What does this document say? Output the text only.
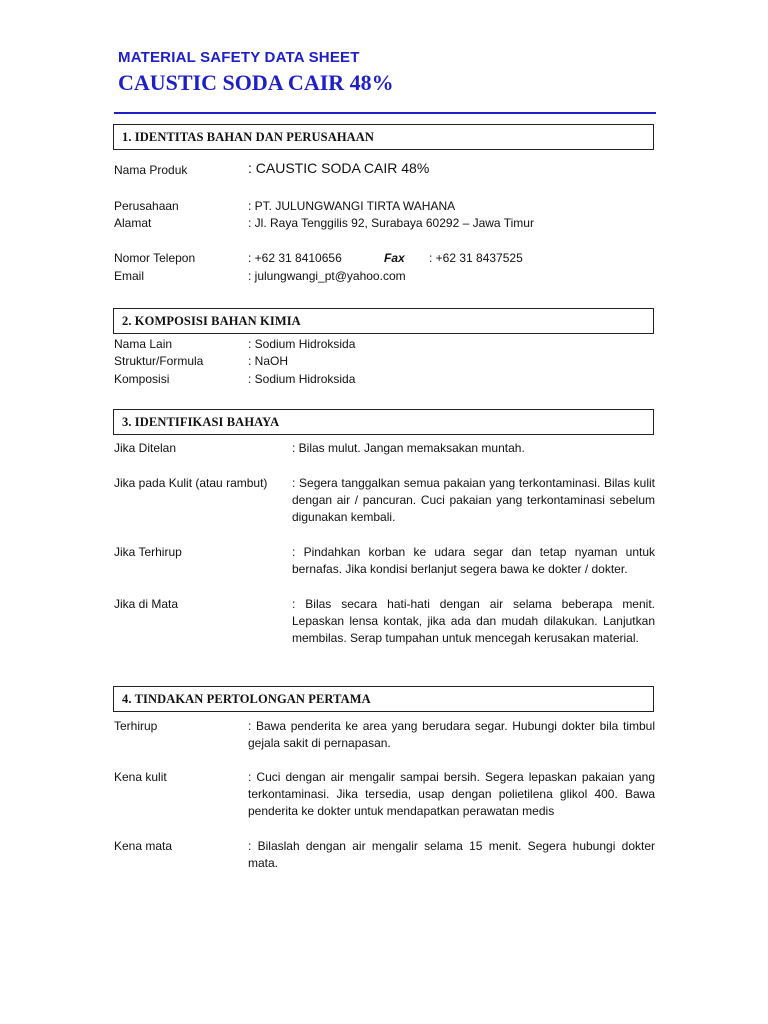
MATERIAL SAFETY DATA SHEET
CAUSTIC SODA CAIR 48%
1. IDENTITAS BAHAN DAN PERUSAHAAN
Nama Produk	: CAUSTIC SODA CAIR 48%
Perusahaan	: PT. JULUNGWANGI TIRTA WAHANA
Alamat	: Jl. Raya Tenggilis 92, Surabaya 60292 – Jawa Timur
Nomor Telepon	: +62 31 8410656	Fax : +62 31 8437525
Email	: julungwangi_pt@yahoo.com
2. KOMPOSISI BAHAN KIMIA
Nama Lain	: Sodium Hidroksida
Struktur/Formula	: NaOH
Komposisi	: Sodium Hidroksida
3. IDENTIFIKASI BAHAYA
Jika Ditelan	: Bilas mulut. Jangan memaksakan muntah.
Jika pada Kulit (atau rambut) : Segera tanggalkan semua pakaian yang terkontaminasi. Bilas kulit dengan air / pancuran. Cuci pakaian yang terkontaminasi sebelum digunakan kembali.
Jika Terhirup	: Pindahkan korban ke udara segar dan tetap nyaman untuk bernafas. Jika kondisi berlanjut segera bawa ke dokter / dokter.
Jika di Mata	: Bilas secara hati-hati dengan air selama beberapa menit. Lepaskan lensa kontak, jika ada dan mudah dilakukan. Lanjutkan membilas. Serap tumpahan untuk mencegah kerusakan material.
4. TINDAKAN PERTOLONGAN PERTAMA
Terhirup	: Bawa penderita ke area yang berudara segar. Hubungi dokter bila timbul gejala sakit di pernapasan.
Kena kulit	: Cuci dengan air mengalir sampai bersih. Segera lepaskan pakaian yang terkontaminasi. Jika tersedia, usap dengan polietilena glikol 400. Bawa penderita ke dokter untuk mendapatkan perawatan medis
Kena mata	: Bilaslah dengan air mengalir selama 15 menit. Segera hubungi dokter mata.
